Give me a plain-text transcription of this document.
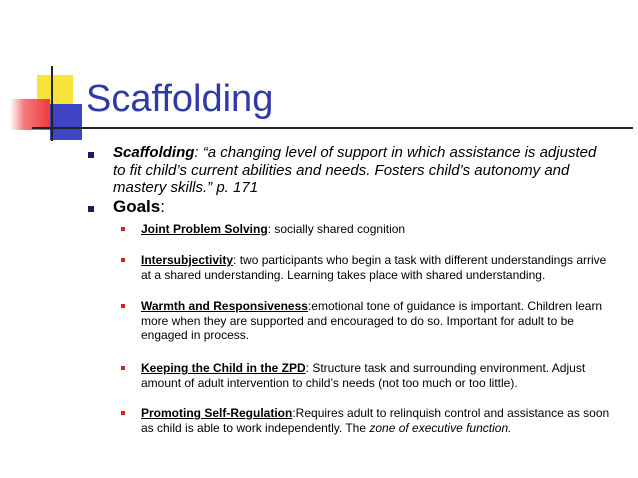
Scaffolding
Scaffolding: “a changing level of support in which assistance is adjusted to fit child’s current abilities and needs. Fosters child’s autonomy and mastery skills.” p. 171
Goals:
Joint Problem Solving: socially shared cognition
Intersubjectivity: two participants who begin a task with different understandings arrive at a shared understanding. Learning takes place with shared understanding.
Warmth and Responsiveness:emotional tone of guidance is important. Children learn more when they are supported and encouraged to do so. Important for adult to be engaged in process.
Keeping the Child in the ZPD: Structure task and surrounding environment. Adjust amount of adult intervention to child’s needs (not too much or too little).
Promoting Self-Regulation:Requires adult to relinquish control and assistance as soon as child is able to work independently. The zone of executive function.
